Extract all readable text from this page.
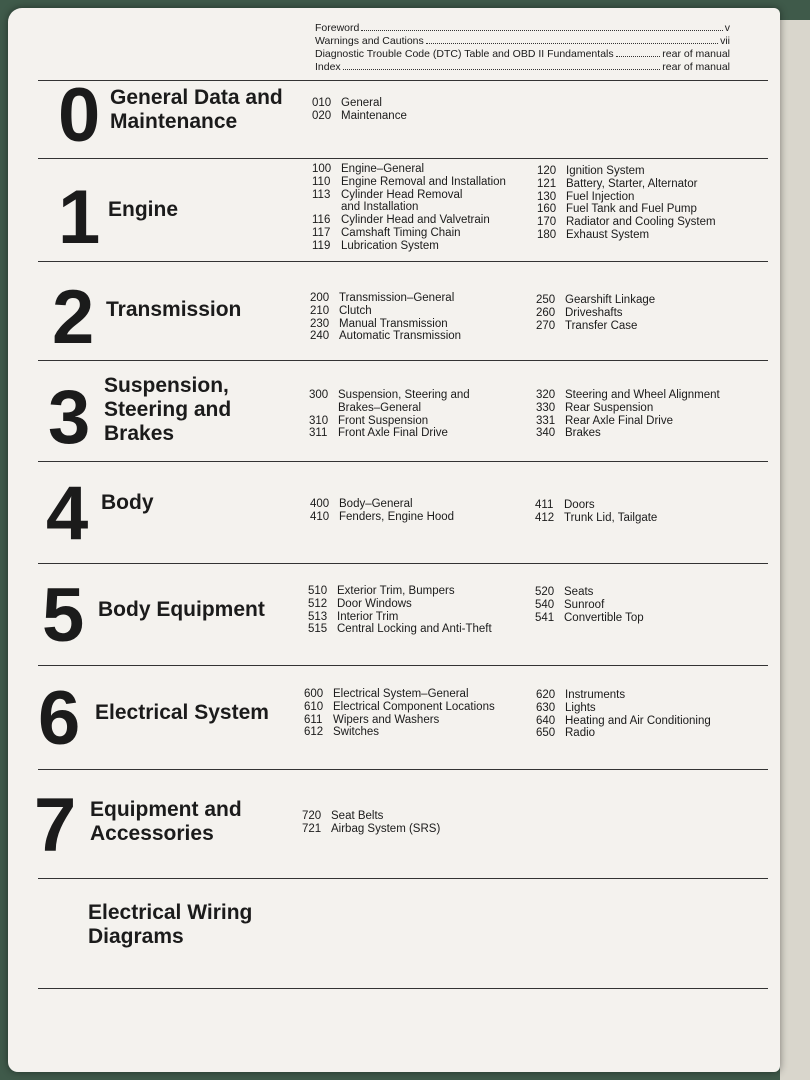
Foreword	v
Warnings and Cautions	vii
Diagnostic Trouble Code (DTC) Table and OBD II Fundamentals	rear of manual
Index	rear of manual
0 General Data and
Maintenance
010 General
020 Maintenance
1 Engine
100 Engine–General
110 Engine Removal and Installation
113 Cylinder Head Removal
and Installation
116 Cylinder Head and Valvetrain
117 Camshaft Timing Chain
119 Lubrication System
120 Ignition System
121 Battery, Starter, Alternator
130 Fuel Injection
160 Fuel Tank and Fuel Pump
170 Radiator and Cooling System
180 Exhaust System
2 Transmission	200 Transmission–General
210 Clutch
230 Manual Transmission
240 Automatic Transmission
250 Gearshift Linkage
260 Driveshafts
270 Transfer Case
3 Suspension,
Steering and
Brakes
300 Suspension, Steering and
Brakes–General
310 Front Suspension
311 Front Axle Final Drive
320 Steering and Wheel Alignment
330 Rear Suspension
331 Rear Axle Final Drive
340 Brakes
4 Body	400 Body–General
410 Fenders, Engine Hood
411 Doors
412 Trunk Lid, Tailgate
5 Body Equipment
510 Exterior Trim, Bumpers
512 Door Windows
513 Interior Trim
515 Central Locking and Anti-Theft
520 Seats
540 Sunroof
541 Convertible Top
6 Electrical System
600 Electrical System–General
610 Electrical Component Locations
611 Wipers and Washers
612 Switches
620 Instruments
630 Lights
640 Heating and Air Conditioning
650 Radio
7 Equipment and
Accessories
720 Seat Belts
721 Airbag System (SRS)
Electrical Wiring
Diagrams
